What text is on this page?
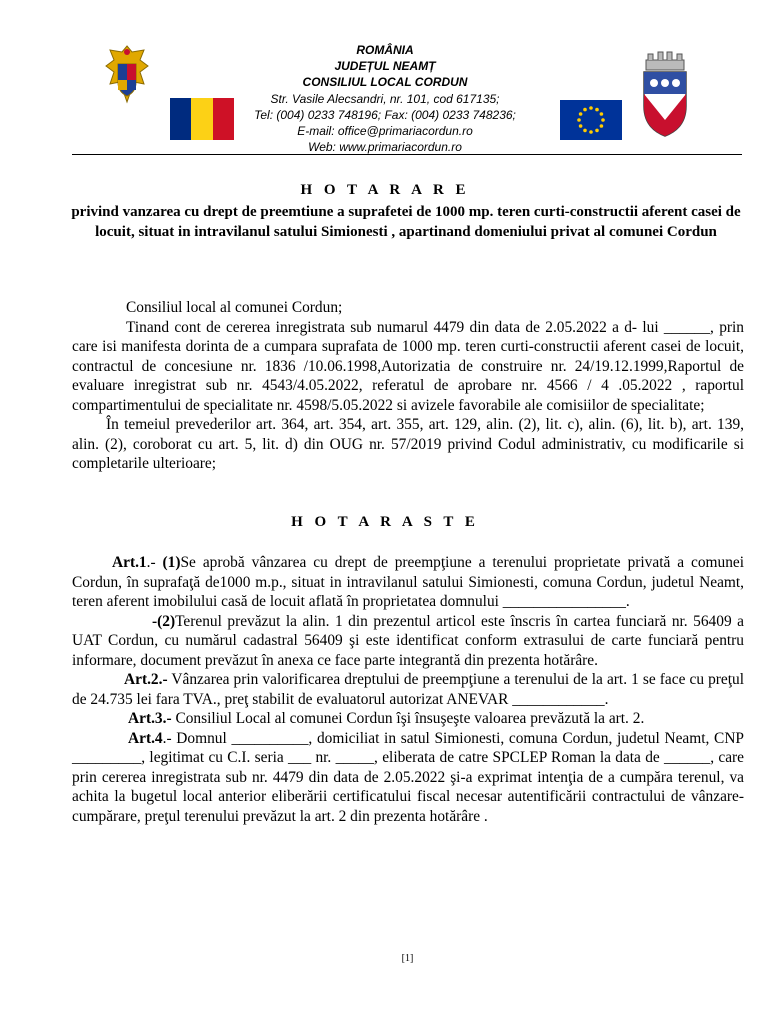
ROMÂNIA
JUDEȚUL NEAMȚ
CONSILIUL LOCAL CORDUN
Str. Vasile Alecsandri, nr. 101, cod 617135;
Tel: (004) 0233 748196; Fax: (004) 0233 748236;
E-mail: office@primariacordun.ro
Web: www.primariacordun.ro
H O T A R A R E
privind vanzarea cu drept de preemtiune a suprafetei de 1000 mp. teren curti-constructii aferent casei de locuit, situat in intravilanul satului Simionesti , apartinand domeniului privat al comunei Cordun
Consiliul local al comunei Cordun;
Tinand cont de cererea inregistrata sub numarul 4479 din data de 2.05.2022 a d- lui ______, prin care isi manifesta dorinta de a cumpara suprafata de 1000 mp. teren curti-constructii aferent casei de locuit, contractul de concesiune nr. 1836 /10.06.1998,Autorizatia de construire nr. 24/19.12.1999,Raportul de evaluare inregistrat sub nr. 4543/4.05.2022, referatul de aprobare nr. 4566 / 4 .05.2022 , raportul compartimentului de specialitate nr. 4598/5.05.2022 si avizele favorabile ale comisiilor de specialitate;
În temeiul prevederilor art. 364, art. 354, art. 355, art. 129, alin. (2), lit. c), alin. (6), lit. b), art. 139, alin. (2), coroborat cu art. 5, lit. d) din OUG nr. 57/2019 privind Codul administrativ, cu modificarile si completarile ulterioare;
H O T A R A S T E
Art.1.- (1)Se aprobă vânzarea cu drept de preempţiune a terenului proprietate privată a comunei Cordun, în suprafaţă de1000 m.p., situat in intravilanul satului Simionesti, comuna Cordun, judetul Neamt, teren aferent imobilului casă de locuit aflată în proprietatea domnului ________________.
-(2)Terenul prevăzut la alin. 1 din prezentul articol este înscris în cartea funciară nr. 56409 a UAT Cordun, cu numărul cadastral 56409 şi este identificat conform extrasului de carte funciară pentru informare, document prevăzut în anexa ce face parte integrantă din prezenta hotărâre.
Art.2.- Vânzarea prin valorificarea dreptului de preempţiune a terenului de la art. 1 se face cu preţul de 24.735 lei fara TVA., preţ stabilit de evaluatorul autorizat ANEVAR ____________.
Art.3.- Consiliul Local al comunei Cordun îşi însuşeşte valoarea prevăzută la art. 2.
Art.4.- Domnul __________, domiciliat in satul Simionesti, comuna Cordun, judetul Neamt, CNP _________, legitimat cu C.I. seria ___ nr. _____, eliberata de catre SPCLEP Roman la data de ______, care prin cererea inregistrata sub nr. 4479 din data de 2.05.2022 şi-a exprimat intenţia de a cumpăra terenul, va achita la bugetul local anterior eliberării certificatului fiscal necesar autentificării contractului de vânzare-cumpărare, preţul terenului prevăzut la art. 2 din prezenta hotărâre .
[1]
